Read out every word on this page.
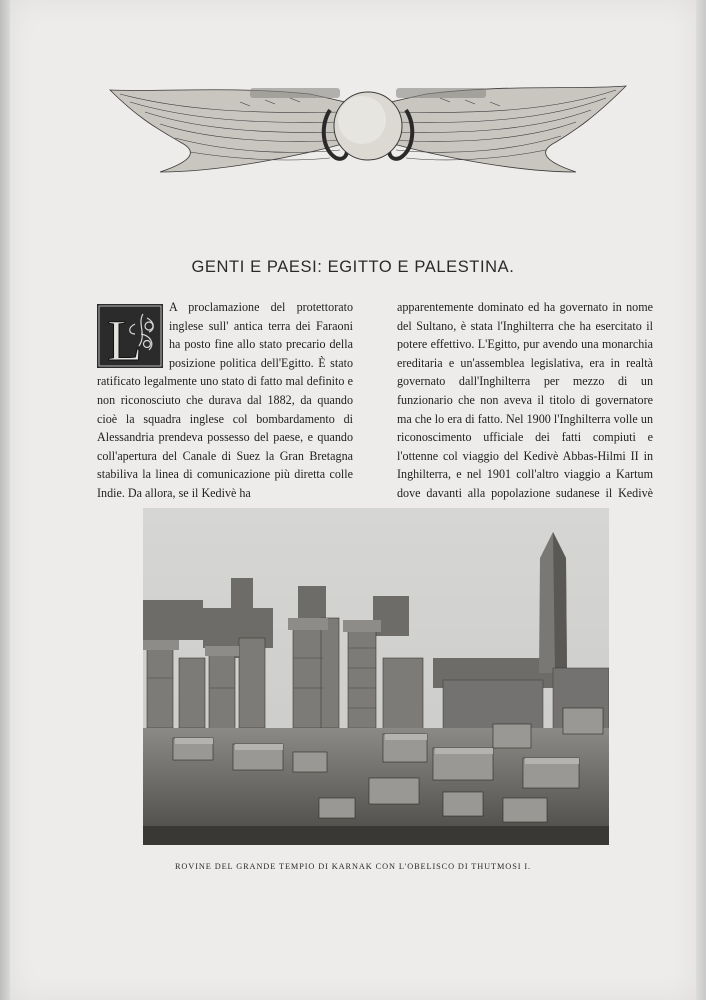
GENTI E PAESI: EGITTO E PALESTINA.
L

A proclamazione del protettorato inglese sull' antica terra dei Faraoni ha posto fine allo stato precario della posizione politica dell'Egitto. È stato ratificato legalmente uno stato di fatto mal definito e non riconosciuto che durava dal 1882, da quando cioè la squadra inglese col bombardamento di Alessandria prendeva possesso del paese, e quando coll'apertura del Canale di Suez la Gran Bretagna stabiliva la linea di comunicazione più diretta colle Indie. Da allora, se il Kedivè ha

apparentemente dominato ed ha governato in nome del Sultano, è stata l'Inghilterra che ha esercitato il potere effettivo. L'Egitto, pur avendo una monarchia ereditaria e un'assemblea legislativa, era in realtà governato dall'Inghilterra per mezzo di un funzionario che non aveva il titolo di governatore ma che lo era di fatto. Nel 1900 l'Inghilterra volle un riconoscimento ufficiale dei fatti compiuti e l'ottenne col viaggio del Kedivè Abbas-Hilmi II in Inghilterra, e nel 1901 coll'altro viaggio a Kartum dove davanti alla popolazione sudanese il Kedivè

ROVINE DEL GRANDE TEMPIO DI KARNAK CON L'OBELISCO DI THUTMOSI I.
